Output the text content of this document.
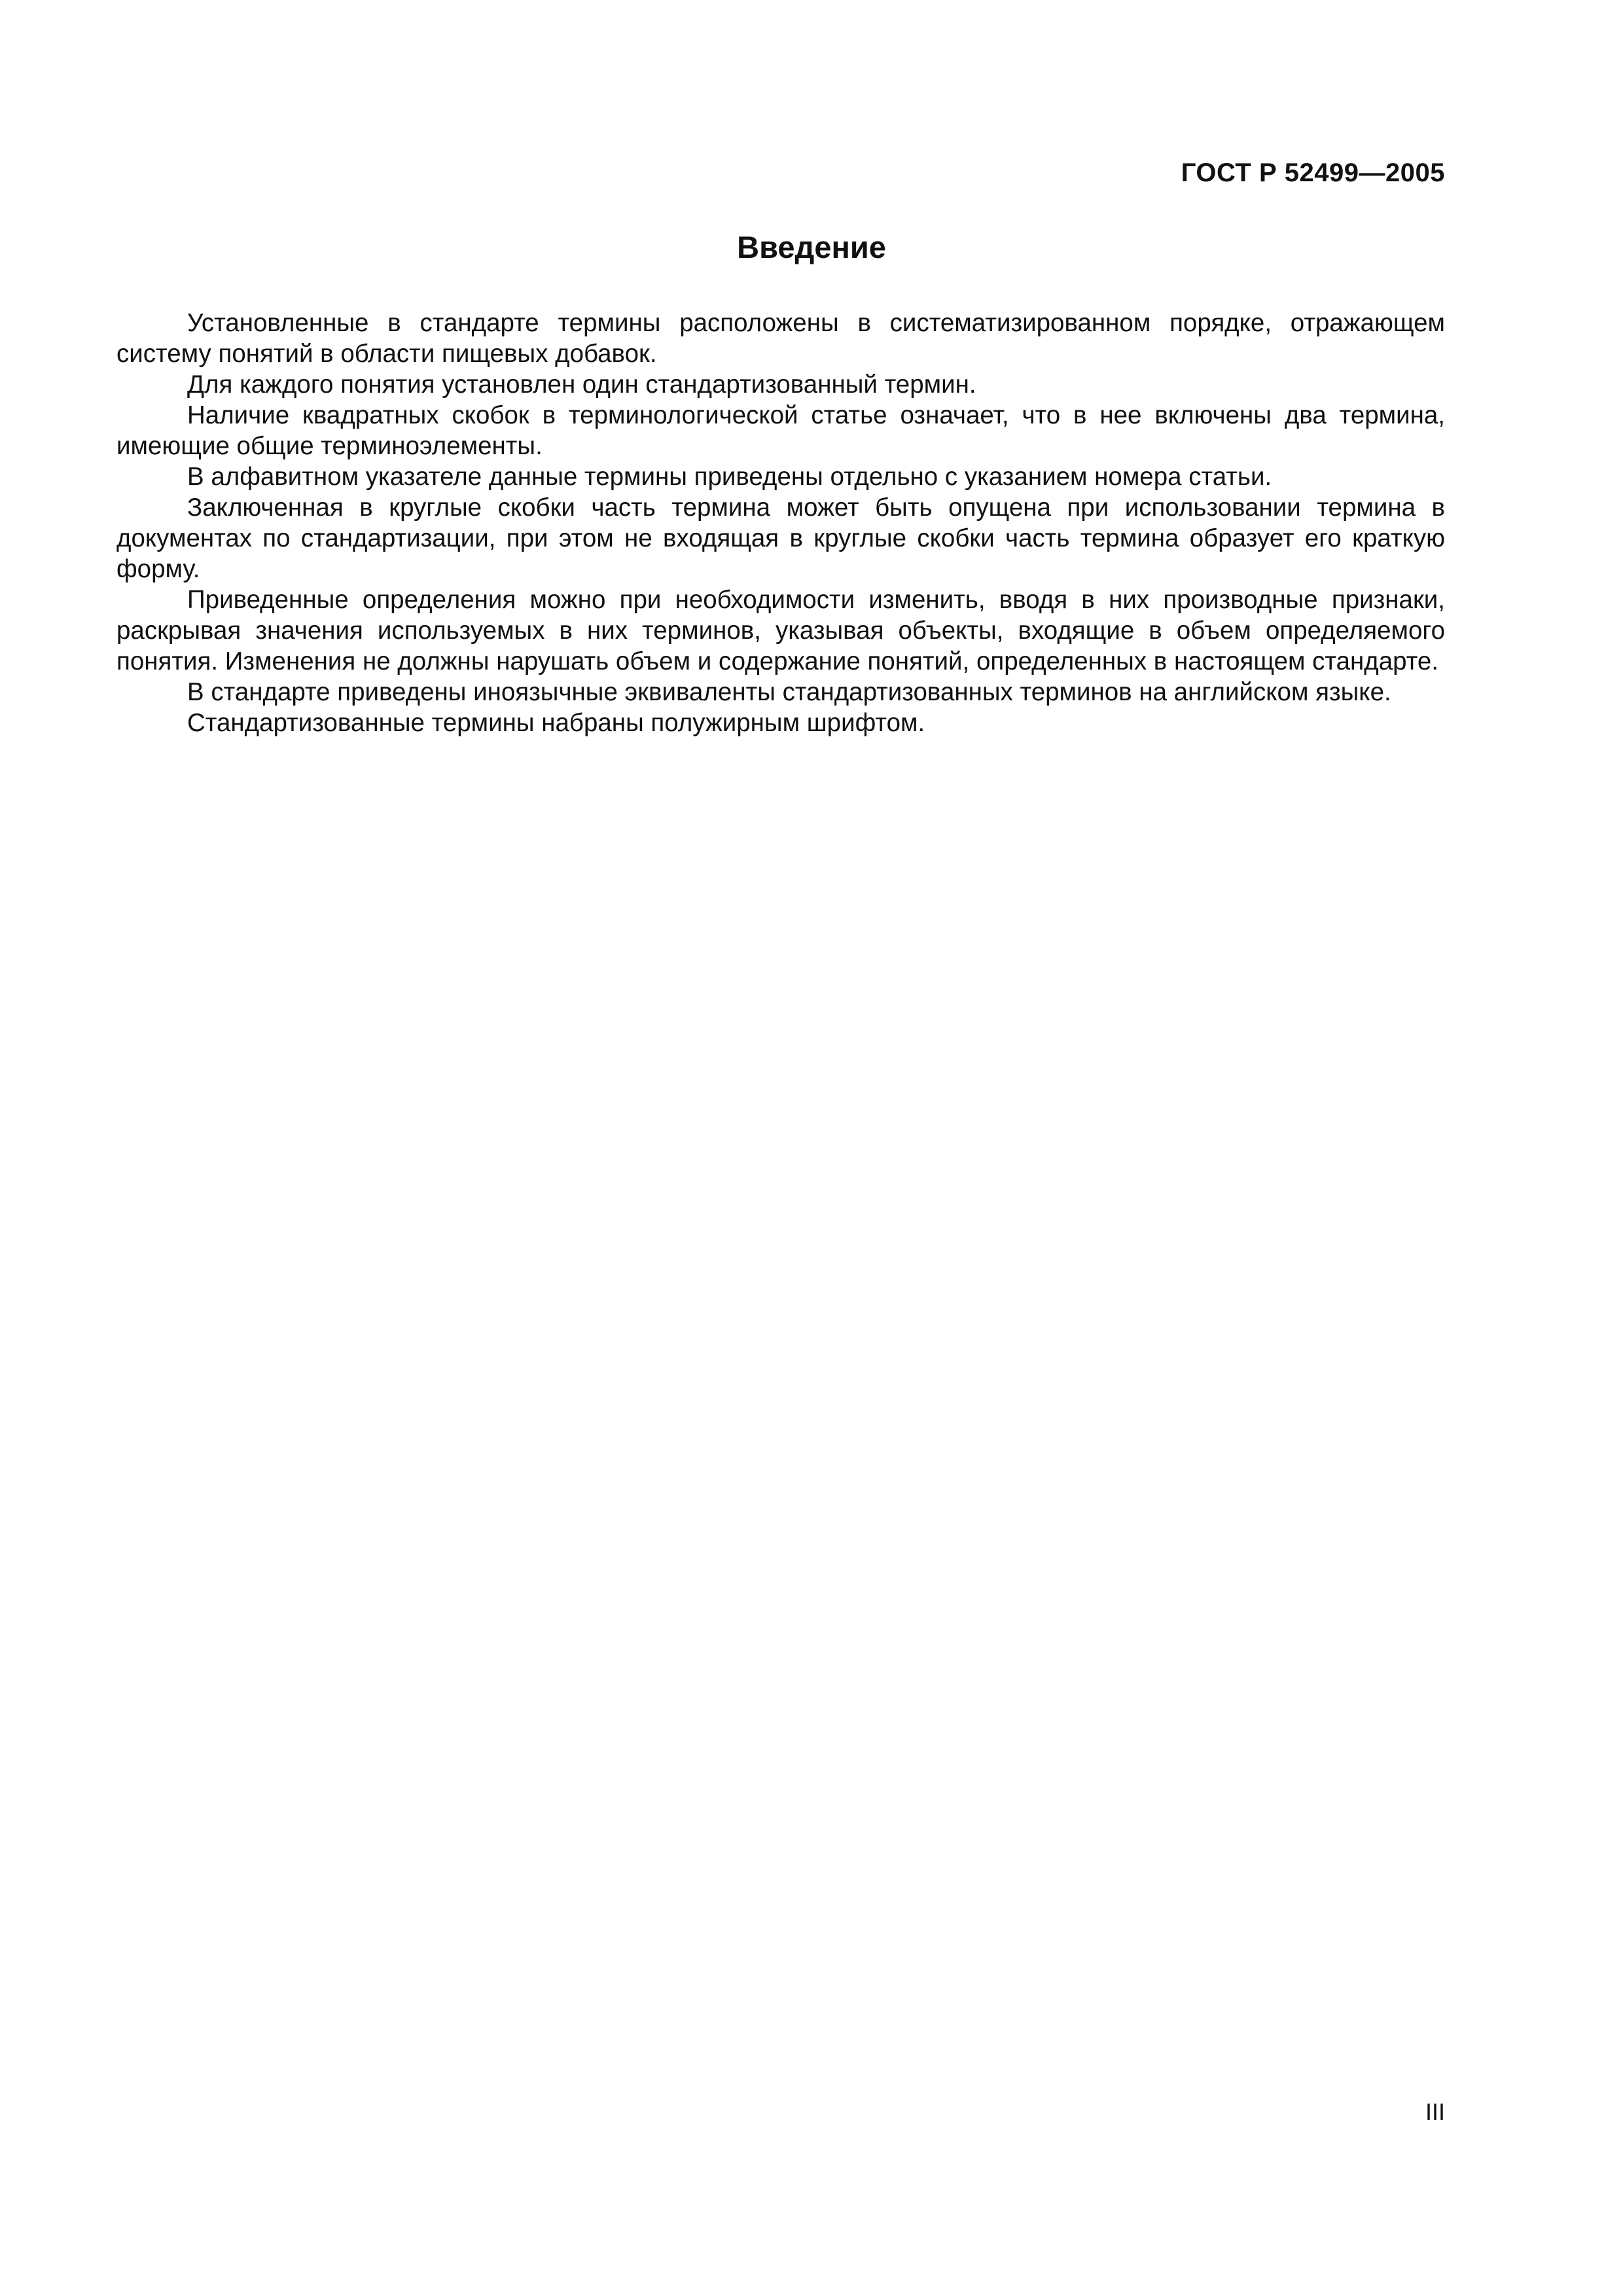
ГОСТ Р 52499—2005
Введение

Установленные в стандарте термины расположены в систематизированном порядке, отражающем систему понятий в области пищевых добавок.

Для каждого понятия установлен один стандартизованный термин.

Наличие квадратных скобок в терминологической статье означает, что в нее включены два термина, имеющие общие терминоэлементы.

В алфавитном указателе данные термины приведены отдельно с указанием номера статьи.

Заключенная в круглые скобки часть термина может быть опущена при использовании термина в документах по стандартизации, при этом не входящая в круглые скобки часть термина образует его краткую форму.

Приведенные определения можно при необходимости изменить, вводя в них производные признаки, раскрывая значения используемых в них терминов, указывая объекты, входящие в объем определяемого понятия. Изменения не должны нарушать объем и содержание понятий, определенных в настоящем стандарте.

В стандарте приведены иноязычные эквиваленты стандартизованных терминов на английском языке.

Стандартизованные термины набраны полужирным шрифтом.

III
